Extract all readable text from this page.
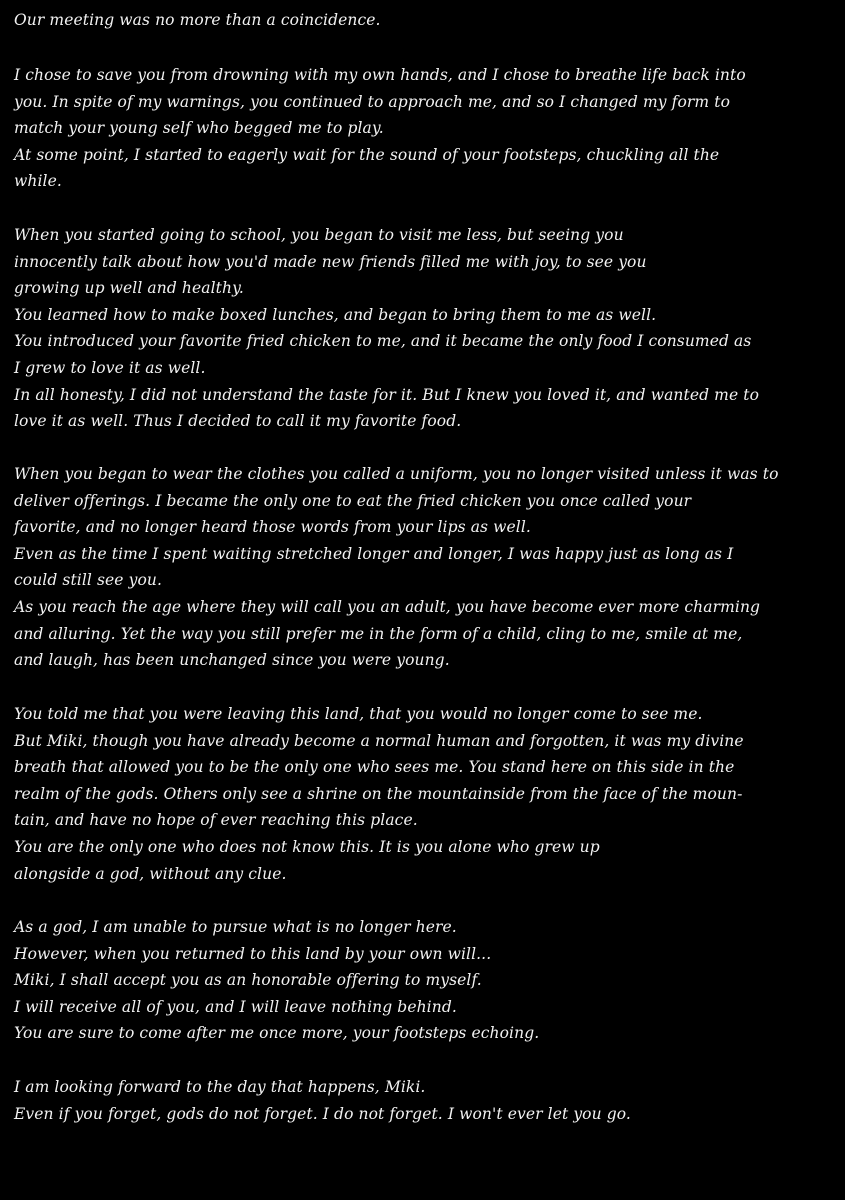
Our meeting was no more than a coincidence.

I chose to save you from drowning with my own hands, and I chose to breathe life back into
you. In spite of my warnings, you continued to approach me, and so I changed my form to
match your young self who begged me to play.
At some point, I started to eagerly wait for the sound of your footsteps, chuckling all the
while.

When you started going to school, you began to visit me less, but seeing you
innocently talk about how you'd made new friends filled me with joy, to see you
growing up well and healthy.
You learned how to make boxed lunches, and began to bring them to me as well.
You introduced your favorite fried chicken to me, and it became the only food I consumed as
I grew to love it as well.
In all honesty, I did not understand the taste for it. But I knew you loved it, and wanted me to
love it as well. Thus I decided to call it my favorite food.

When you began to wear the clothes you called a uniform, you no longer visited unless it was to
deliver offerings. I became the only one to eat the fried chicken you once called your
favorite, and no longer heard those words from your lips as well.
Even as the time I spent waiting stretched longer and longer, I was happy just as long as I
could still see you.
As you reach the age where they will call you an adult, you have become ever more charming
and alluring. Yet the way you still prefer me in the form of a child, cling to me, smile at me,
and laugh, has been unchanged since you were young.

You told me that you were leaving this land, that you would no longer come to see me.
But Miki, though you have already become a normal human and forgotten, it was my divine
breath that allowed you to be the only one who sees me. You stand here on this side in the
realm of the gods. Others only see a shrine on the mountainside from the face of the moun-
tain, and have no hope of ever reaching this place.
You are the only one who does not know this. It is you alone who grew up
alongside a god, without any clue.

As a god, I am unable to pursue what is no longer here.
However, when you returned to this land by your own will...
Miki, I shall accept you as an honorable offering to myself.
I will receive all of you, and I will leave nothing behind.
You are sure to come after me once more, your footsteps echoing.

I am looking forward to the day that happens, Miki.
Even if you forget, gods do not forget. I do not forget. I won't ever let you go.
